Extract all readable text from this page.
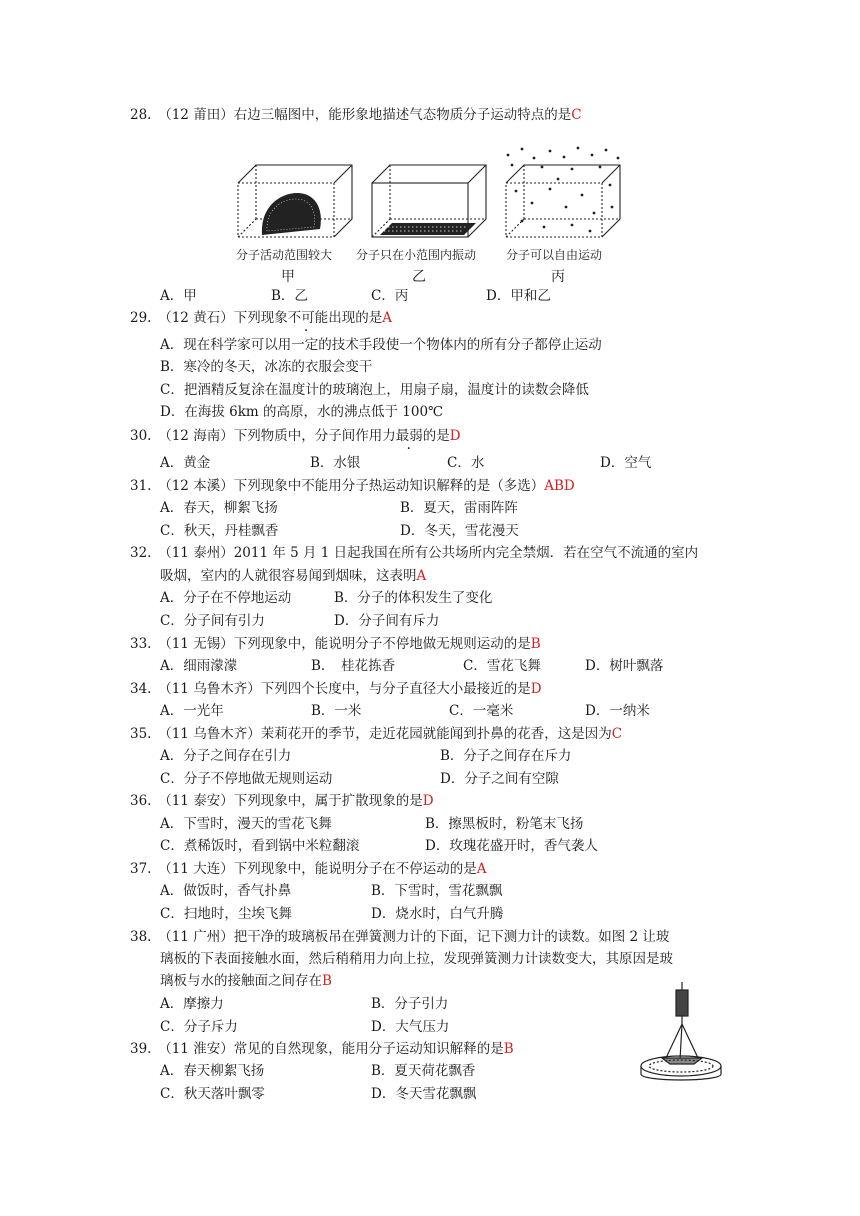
28.　（12 莆田）右边三幅图中，能形象地描述气态物质分子运动特点的是C
分子活动范围较大 分子只在小范围内振动 分子可以自由运动
甲	乙	丙
A．甲	B．乙	C．丙	D．甲和乙
29.　（12 黄石）下列现象不可能出现的是A
A．现在科学家可以用一定的技术手段使一个物体内的所有分子都停止运动
B．寒冷的冬天，冰冻的衣服会变干
C．把酒精反复涂在温度计的玻璃泡上，用扇子扇，温度计的读数会降低
D．在海拔 6km 的高原，水的沸点低于 100℃
30.　（12 海南）下列物质中，分子间作用力最弱的是D
A．黄金	B．水银	C．水	D．空气
31.　（12 本溪）下列现象中不能用分子热运动知识解释的是（多选）ABD
A．春天，柳絮飞扬	B．夏天，雷雨阵阵
C．秋天，丹桂飘香	D．冬天，雪花漫天
32.　（11 泰州）2011 年 5 月 1 日起我国在所有公共场所内完全禁烟．若在空气不流通的室内
吸烟，室内的人就很容易闻到烟味，这表明A
A．分子在不停地运动	B．分子的体积发生了变化
C．分子间有引力	D．分子间有斥力
33.　（11 无锡）下列现象中，能说明分子不停地做无规则运动的是B
A．细雨濛濛	B．　桂花拣香	C．雪花飞舞	D．树叶飘落
34.　（11 乌鲁木齐）下列四个长度中，与分子直径大小最接近的是D
A．一光年	B．一米	C．一毫米	D．一纳米
35.　（11 乌鲁木齐）茉莉花开的季节，走近花园就能闻到扑鼻的花香，这是因为C
A．分子之间存在引力	B．分子之间存在斥力
C．分子不停地做无规则运动	D．分子之间有空隙
36.　（11 泰安）下列现象中，属于扩散现象的是D
A．下雪时，漫天的雪花飞舞	B．擦黑板时，粉笔末飞扬
C．煮稀饭时，看到锅中米粒翻滚	D．玫瑰花盛开时，香气袭人
37.　（11 大连）下列现象中，能说明分子在不停运动的是A
A．做饭时，香气扑鼻	B．下雪时，雪花飘飘
C．扫地时，尘埃飞舞	D．烧水时，白气升腾
38.　（11 广州）把干净的玻璃板吊在弹簧测力计的下面，记下测力计的读数。如图 2 让玻
璃板的下表面接触水面，然后稍稍用力向上拉，发现弹簧测力计读数变大，其原因是玻
璃板与水的接触面之间存在B
A．摩擦力	B．分子引力
C．分子斥力	D．大气压力
39.　（11 淮安）常见的自然现象，能用分子运动知识解释的是B
A．春天柳絮飞扬	B．夏天荷花飘香
C．秋天落叶飘零	D．冬天雪花飘飘
